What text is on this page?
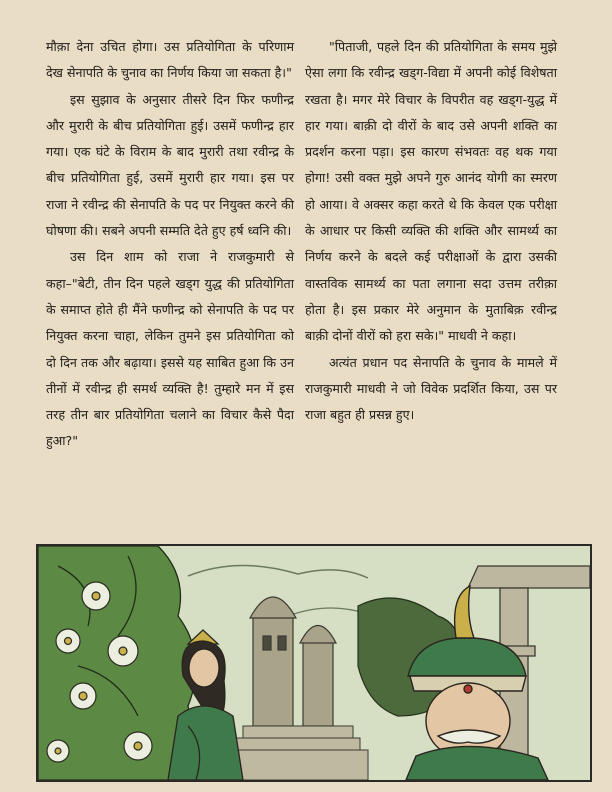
मौक़ा देना उचित होगा। उस प्रतियोगिता के परिणाम देख सेनापति के चुनाव का निर्णय किया जा सकता है।"

इस सुझाव के अनुसार तीसरे दिन फिर फणीन्द्र और मुरारी के बीच प्रतियोगिता हुई। उसमें फणीन्द्र हार गया। एक घंटे के विराम के बाद मुरारी तथा रवीन्द्र के बीच प्रतियोगिता हुई, उसमें मुरारी हार गया। इस पर राजा ने रवीन्द्र की सेनापति के पद पर नियुक्त करने की घोषणा की। सबने अपनी सम्मति देते हुए हर्ष ध्वनि की।

उस दिन शाम को राजा ने राजकुमारी से कहा–"बेटी, तीन दिन पहले खड्ग युद्ध की प्रतियोगिता के समाप्त होते ही मैंने फणीन्द्र को सेनापति के पद पर नियुक्त करना चाहा, लेकिन तुमने इस प्रतियोगिता को दो दिन तक और बढ़ाया। इससे यह साबित हुआ कि उन तीनों में रवीन्द्र ही समर्थ व्यक्ति है! तुम्हारे मन में इस तरह तीन बार प्रतियोगिता चलाने का विचार कैसे पैदा हुआ?"

"पिताजी, पहले दिन की प्रतियोगिता के समय मुझे ऐसा लगा कि रवीन्द्र खड्ग-विद्या में अपनी कोई विशेषता रखता है। मगर मेरे विचार के विपरीत वह खड्ग-युद्ध में हार गया। बाक़ी दो वीरों के बाद उसे अपनी शक्ति का प्रदर्शन करना पड़ा। इस कारण संभवतः वह थक गया होगा! उसी वक्त मुझे अपने गुरु आनंद योगी का स्मरण हो आया। वे अक्सर कहा करते थे कि केवल एक परीक्षा के आधार पर किसी व्यक्ति की शक्ति और सामर्थ्य का निर्णय करने के बदले कई परीक्षाओं के द्वारा उसकी वास्तविक सामर्थ्य का पता लगाना सदा उत्तम तरीक़ा होता है। इस प्रकार मेरे अनुमान के मुताबिक़ रवीन्द्र बाक़ी दोनों वीरों को हरा सके।" माधवी ने कहा।

अत्यंत प्रधान पद सेनापति के चुनाव के मामले में राजकुमारी माधवी ने जो विवेक प्रदर्शित किया, उस पर राजा बहुत ही प्रसन्न हुए।
